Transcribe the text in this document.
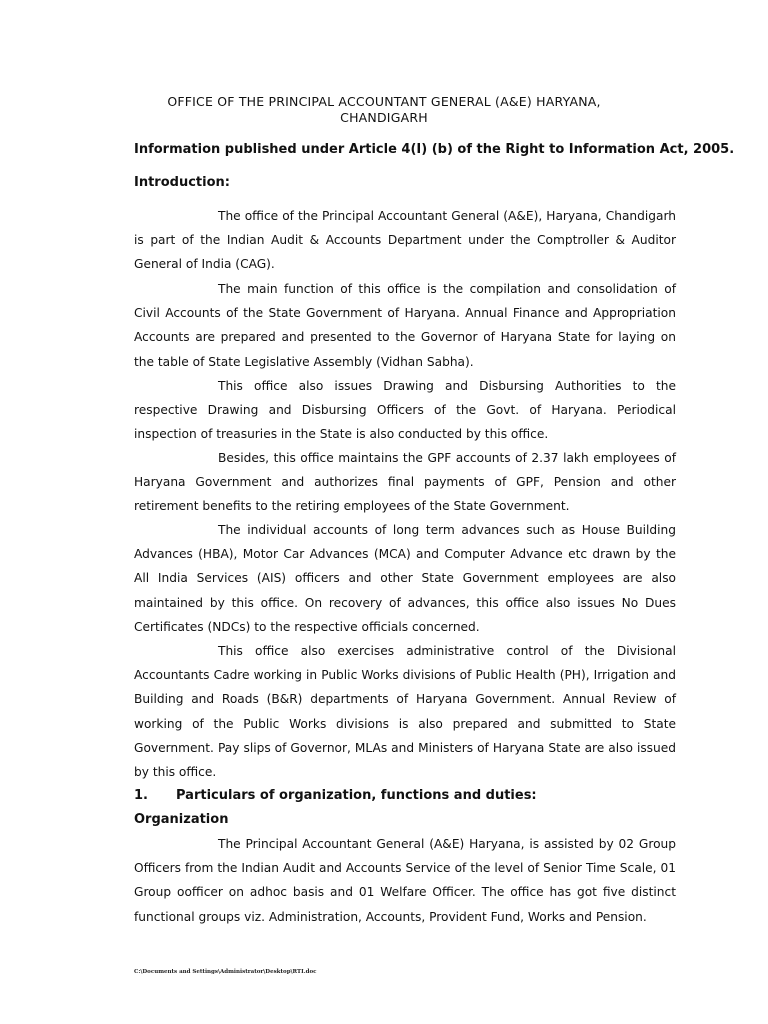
OFFICE OF THE PRINCIPAL ACCOUNTANT GENERAL (A&E) HARYANA,
CHANDIGARH
Information published under Article 4(I) (b) of the Right to Information Act, 2005.
Introduction:
The office of the Principal Accountant General (A&E), Haryana, Chandigarh is part of the Indian Audit & Accounts Department under the Comptroller & Auditor General of India (CAG).
The main function of this office is the compilation and consolidation of Civil Accounts of the State Government of Haryana. Annual Finance and Appropriation Accounts are prepared and presented to the Governor of Haryana State for laying on the table of State Legislative Assembly (Vidhan Sabha).
This office also issues Drawing and Disbursing Authorities to the respective Drawing and Disbursing Officers of the Govt. of Haryana. Periodical inspection of treasuries in the State is also conducted by this office.
Besides, this office maintains the GPF accounts of 2.37 lakh employees of Haryana Government and authorizes final payments of GPF, Pension and other retirement benefits to the retiring employees of the State Government.
The individual accounts of long term advances such as House Building Advances (HBA), Motor Car Advances (MCA) and Computer Advance etc drawn by the All India Services (AIS) officers and other State Government employees are also maintained by this office. On recovery of advances, this office also issues No Dues Certificates (NDCs) to the respective officials concerned.
This office also exercises administrative control of the Divisional Accountants Cadre working in Public Works divisions of Public Health (PH), Irrigation and Building and Roads (B&R) departments of Haryana Government. Annual Review of working of the Public Works divisions is also prepared and submitted to State Government. Pay slips of Governor, MLAs and Ministers of Haryana State are also issued by this office.
1. Particulars of organization, functions and duties:
Organization
The Principal Accountant General (A&E) Haryana, is assisted by 02 Group Officers from the Indian Audit and Accounts Service of the level of Senior Time Scale, 01 Group oofficer on adhoc basis and 01 Welfare Officer. The office has got five distinct functional groups viz. Administration, Accounts, Provident Fund, Works and Pension.
C:\Documents and Settings\Administrator\Desktop\RTI.doc
